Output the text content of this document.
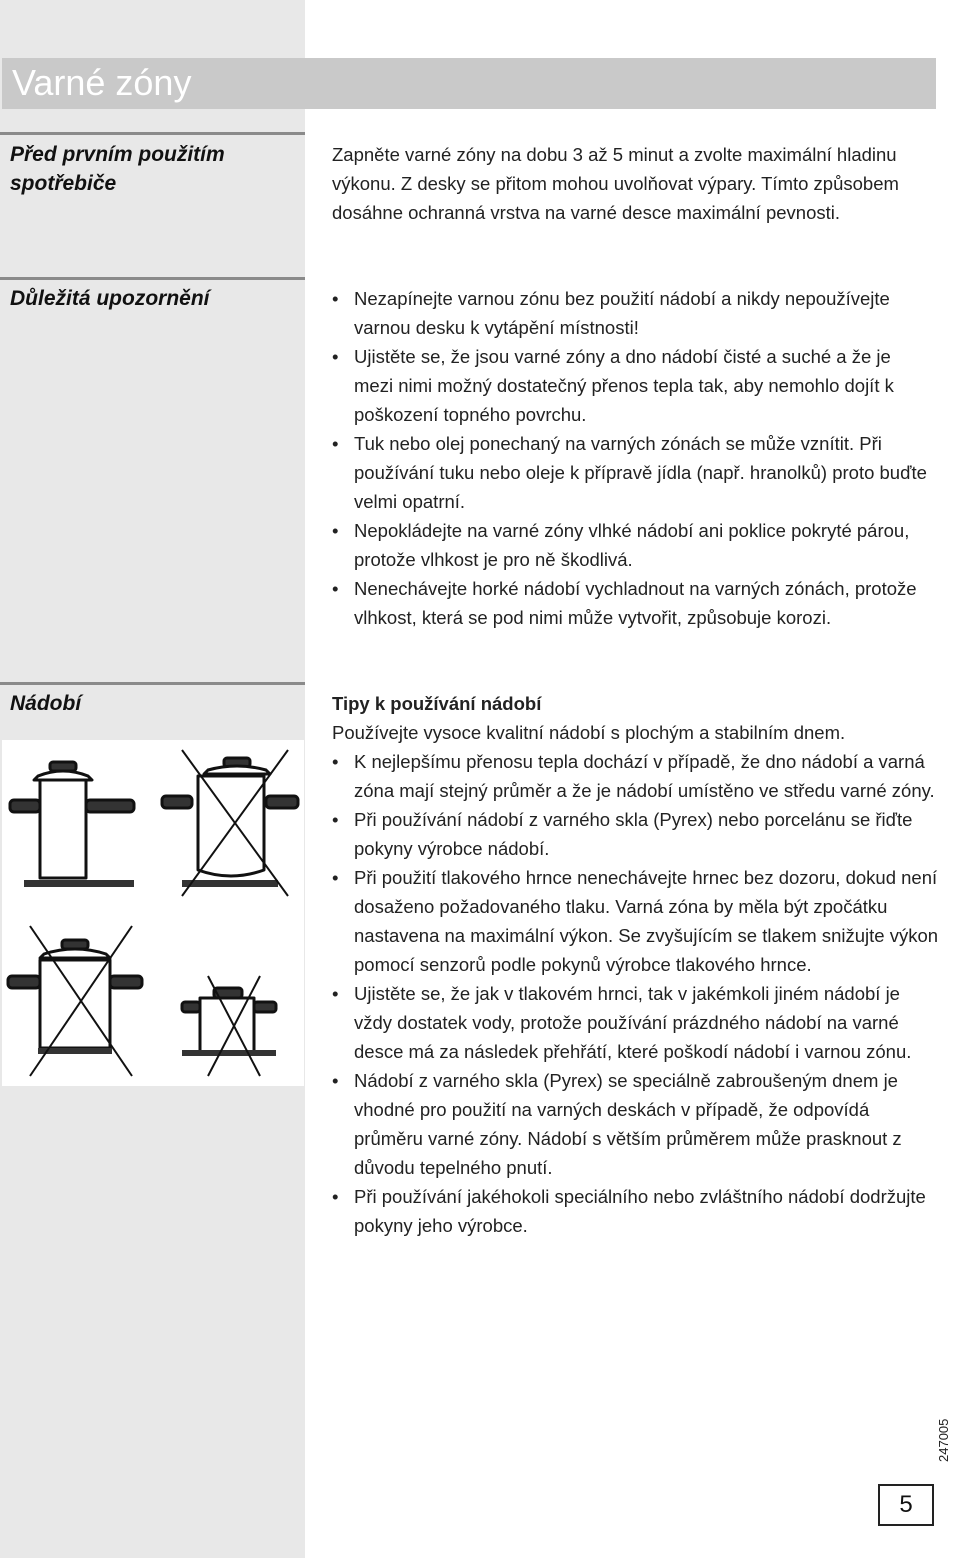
Varné zóny
Před prvním použitím spotřebiče

Zapněte varné zóny na dobu 3 až 5 minut a zvolte maximální hladinu výkonu. Z desky se přitom mohou uvolňovat výpary. Tímto způsobem dosáhne ochranná vrstva na varné desce maximální pevnosti.

Důležitá upozornění	• Nezapínejte varnou zónu bez použití nádobí a nikdy nepoužívejte varnou desku k vytápění místnosti!
• Ujistěte se, že jsou varné zóny a dno nádobí čisté a suché a že je mezi nimi možný dostatečný přenos tepla tak, aby nemohlo dojít k poškození topného povrchu.
• Tuk nebo olej ponechaný na varných zónách se může vznítit. Při používání tuku nebo oleje k přípravě jídla (např. hranolků) proto buďte velmi opatrní.
• Nepokládejte na varné zóny vlhké nádobí ani poklice pokryté párou, protože vlhkost je pro ně škodlivá.
• Nenechávejte horké nádobí vychladnout na varných zónách, protože vlhkost, která se pod nimi může vytvořit, způsobuje korozi.
Nádobí	Tipy k používání nádobí

Používejte vysoce kvalitní nádobí s plochým a stabilním dnem.

• K nejlepšímu přenosu tepla dochází v případě, že dno nádobí a varná zóna mají stejný průměr a že je nádobí umístěno ve středu varné zóny.
• Při používání nádobí z varného skla (Pyrex) nebo porcelánu se řiďte pokyny výrobce nádobí.
• Při použití tlakového hrnce nenechávejte hrnec bez dozoru, dokud není dosaženo požadovaného tlaku. Varná zóna by měla být zpočátku nastavena na maximální výkon. Se zvyšujícím se tlakem snižujte výkon pomocí senzorů podle pokynů výrobce tlakového hrnce.
• Ujistěte se, že jak v tlakovém hrnci, tak v jakémkoli jiném nádobí je vždy dostatek vody, protože používání prázdného nádobí na varné desce má za následek přehřátí, které poškodí nádobí i varnou zónu.
• Nádobí z varného skla (Pyrex) se speciálně zabroušeným dnem je vhodné pro použití na varných deskách v případě, že odpovídá průměru varné zóny. Nádobí s větším průměrem může prasknout z důvodu tepelného pnutí.
• Při používání jakéhokoli speciálního nebo zvláštního nádobí dodržujte pokyny jeho výrobce.
247005
5
